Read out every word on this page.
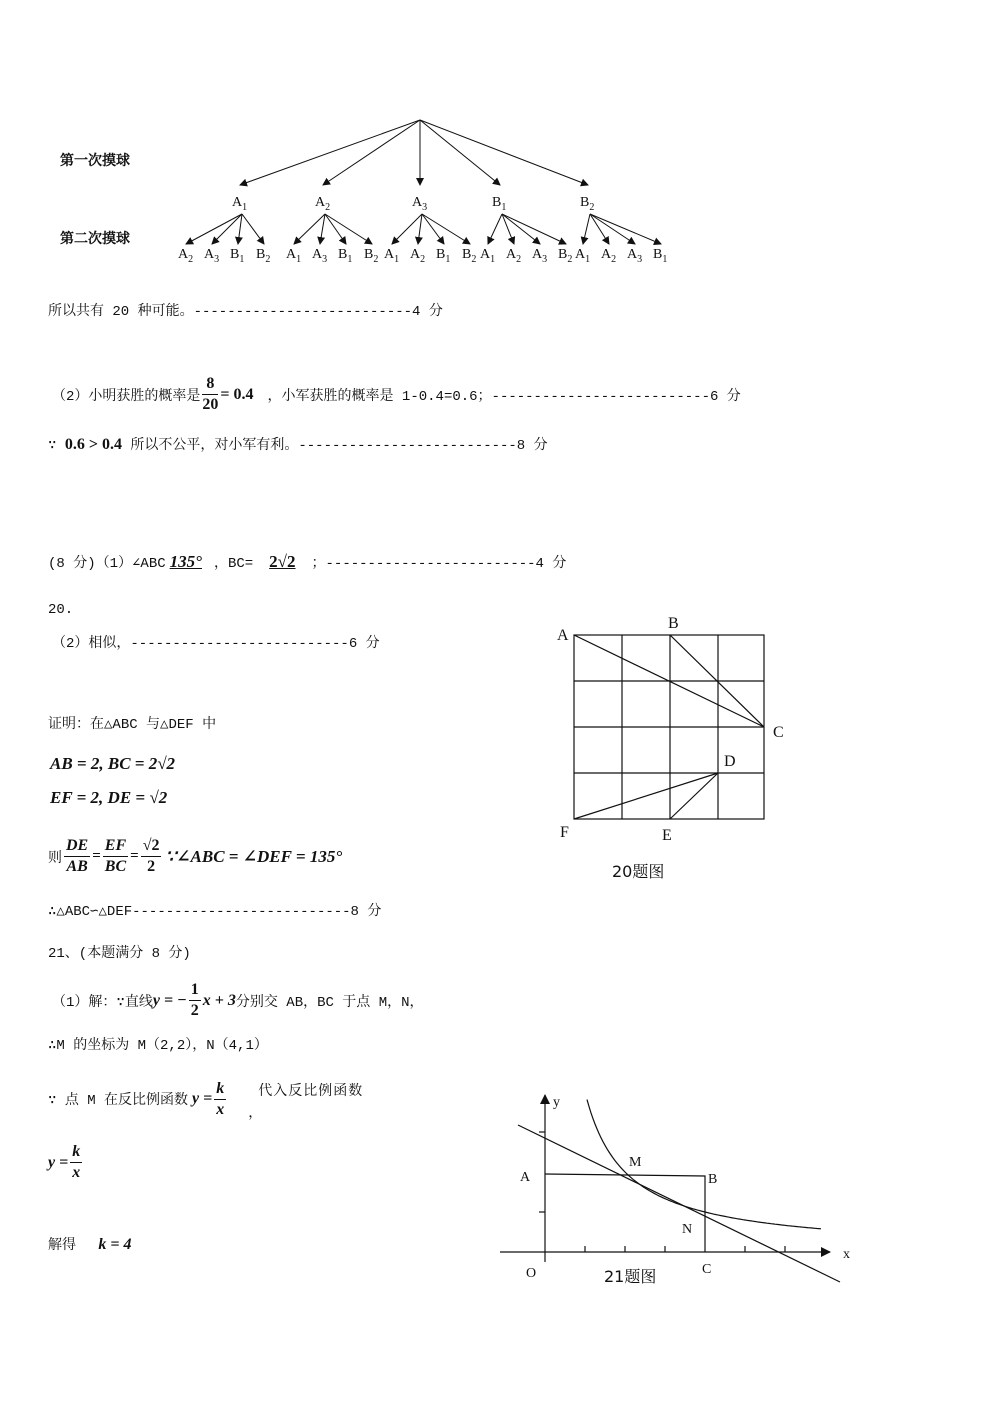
第一次摸球
第二次摸球
$A_1$
$A_2$ $A_3$ $B_1$ $B_2$
$A_2$
$A_1$ $A_3$ $B_1$ $B_2$
$A_3$
$A_1$ $A_2$ $B_1$ $B_2$
$B_1$
$A_1$ $A_2$ $A_3$ $B_2$
$B_2$
$A_1$ $A_2$ $A_3$ $B_1$
所以共有 20 种可能。--------------------------4 分
（2）小明获胜的概率是 $\frac{8}{20} = 0.4$ ，小军获胜的概率是 1-0.4=0.6；--------------------------6 分
∵ 0.6 > 0.4 所以不公平，对小军有利。--------------------------8 分
(8 分)（1）∠ABC 135° ，BC= 2√2 ；-------------------------4 分
20.
（2）相似，--------------------------6 分
证明：在△ABC 与△DEF 中
AB = 2, BC = 2√2
EF = 2, DE = √2
则 $\frac{DE}{AB} = \frac{EF}{BC} = \frac{√2}{2}$ ∵∠ABC = ∠DEF = 135°
∴△ABC∽△DEF--------------------------8 分
21、(本题满分 8 分)
（1）解：∵直线 y = − $\frac{1}{2}$ x + 3 分别交 AB，BC 于点 M，N，
∴M 的坐标为 M（2,2），N（4,1）
∵ 点 M 在反比例函数 $y = \frac{k}{x}$ ，
代入反比例函数
$y = \frac{k}{x}$
解得 k = 4
A
B
C
D
E
F
20题图
y
x
O
A	B
M
N
C
21题图
